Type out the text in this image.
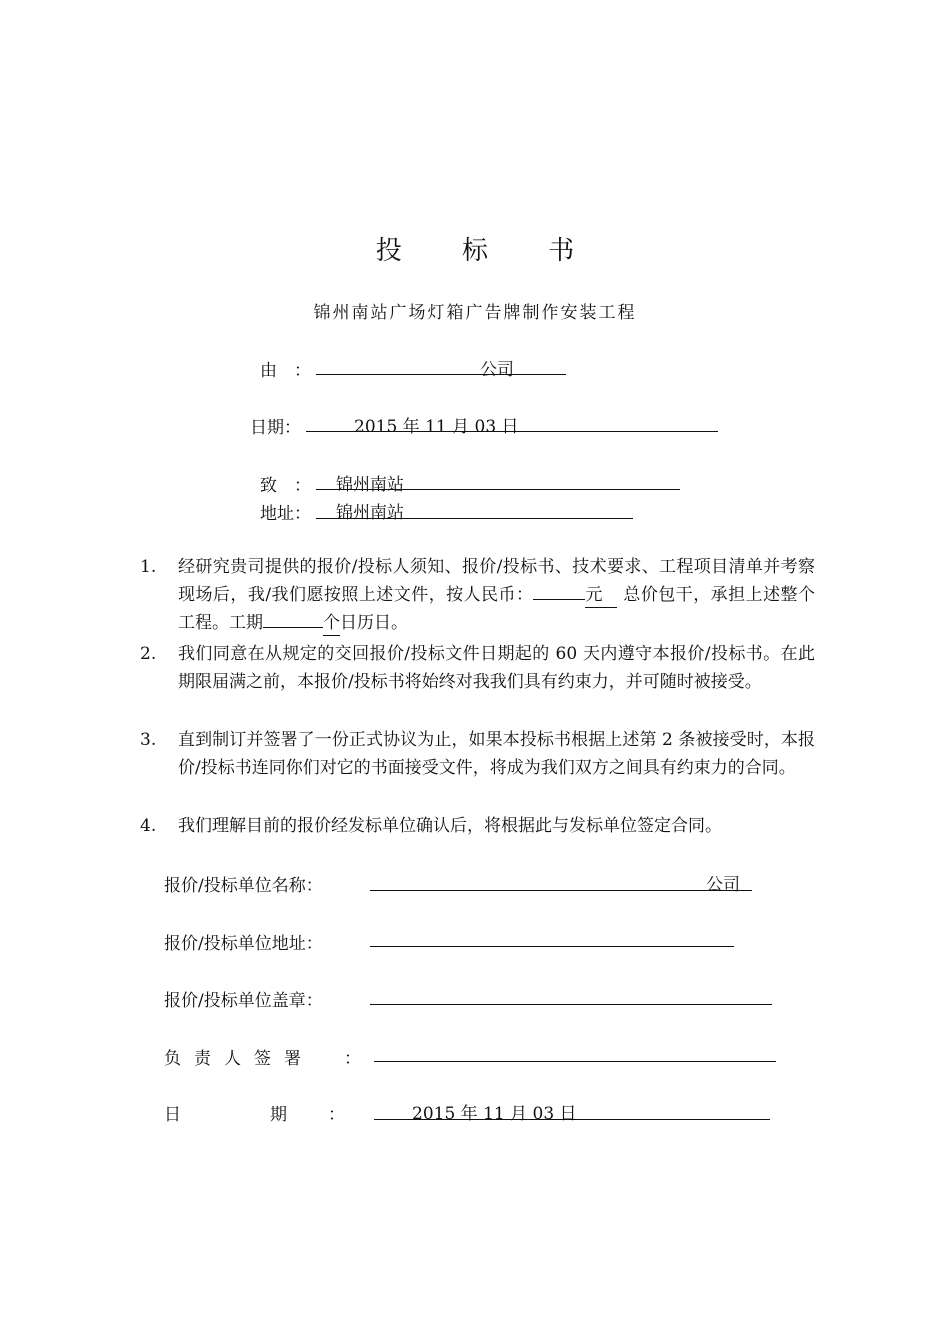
投 标 书
锦州南站广场灯箱广告牌制作安装工程
由　：	公司
日期：	2015 年 11 月 03 日
致　： 锦州南站
地址： 锦州南站
1.	经研究贵司提供的报价/投标人须知、报价/投标书、技术要求、工程项目清单并考察现场后，我/我们愿按照上述文件，按人民币：	元 总价包干，承担上述整个工程。工期	个日历日。
2.	我们同意在从规定的交回报价/投标文件日期起的 60 天内遵守本报价/投标书。在此期限届满之前，本报价/投标书将始终对我我们具有约束力，并可随时被接受。
3.	直到制订并签署了一份正式协议为止，如果本投标书根据上述第 2 条被接受时，本报价/投标书连同你们对它的书面接受文件，将成为我们双方之间具有约束力的合同。
4.	我们理解目前的报价经发标单位确认后，将根据此与发标单位签定合同。
报价/投标单位名称：	公司
报价/投标单位地址：
报价/投标单位盖章：
负责人签署　：
日	期 ：	2015 年 11 月 03 日
